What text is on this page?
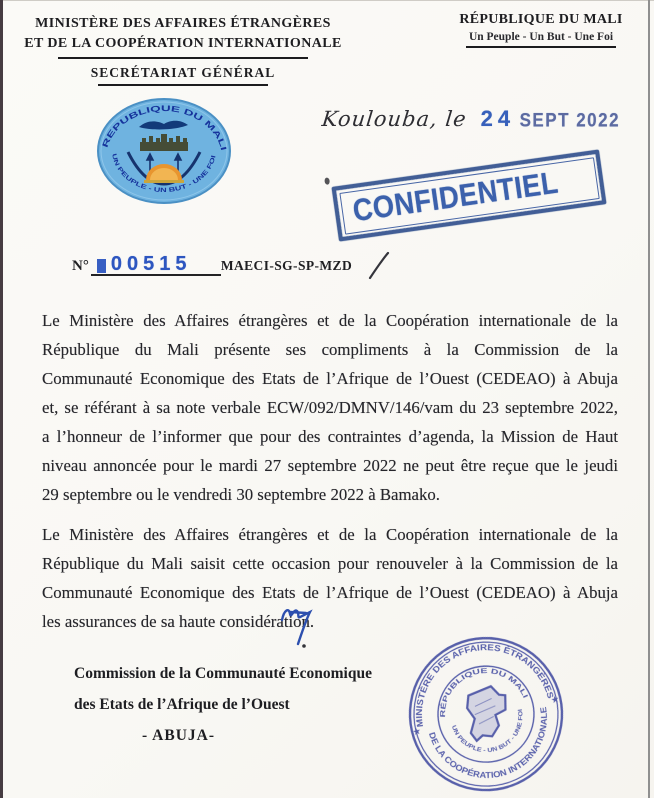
MINISTÈRE DES AFFAIRES ÉTRANGÈRES
ET DE LA COOPÉRATION INTERNATIONALE
SECRÉTARIAT GÉNÉRAL
RÉPUBLIQUE DU MALI
Un Peuple - Un But - Une Foi
REPUBLIQUE DU MALI
UN PEUPLE - UN BUT - UNE FOI
Koulouba, le 24 SEPT 2022
CONFIDENTIEL
N° 00515 MAECI-SG-SP-MZD
Le Ministère des Affaires étrangères et de la Coopération internationale de la
République du Mali présente ses compliments à la Commission de la
Communauté Economique des Etats de l’Afrique de l’Ouest (CEDEAO) à Abuja
et, se référant à sa note verbale ECW/092/DMNV/146/vam du 23 septembre 2022,
a l’honneur de l’informer que pour des contraintes d’agenda, la Mission de Haut
niveau annoncée pour le mardi 27 septembre 2022 ne peut être reçue que le jeudi
29 septembre ou le vendredi 30 septembre 2022 à Bamako.
Le Ministère des Affaires étrangères et de la Coopération internationale de la
République du Mali saisit cette occasion pour renouveler à la Commission de la
Communauté Economique des Etats de l’Afrique de l’Ouest (CEDEAO) à Abuja
les assurances de sa haute considération.
Commission de la Communauté Economique
des Etats de l’Afrique de l’Ouest
- ABUJA-
MINISTÈRE DES AFFAIRES ÉTRANGÈRES
DE LA COOPÉRATION INTERNATIONALE
RÉPUBLIQUE DU MALI
UN PEUPLE - UN BUT - UNE FOI
★
★
